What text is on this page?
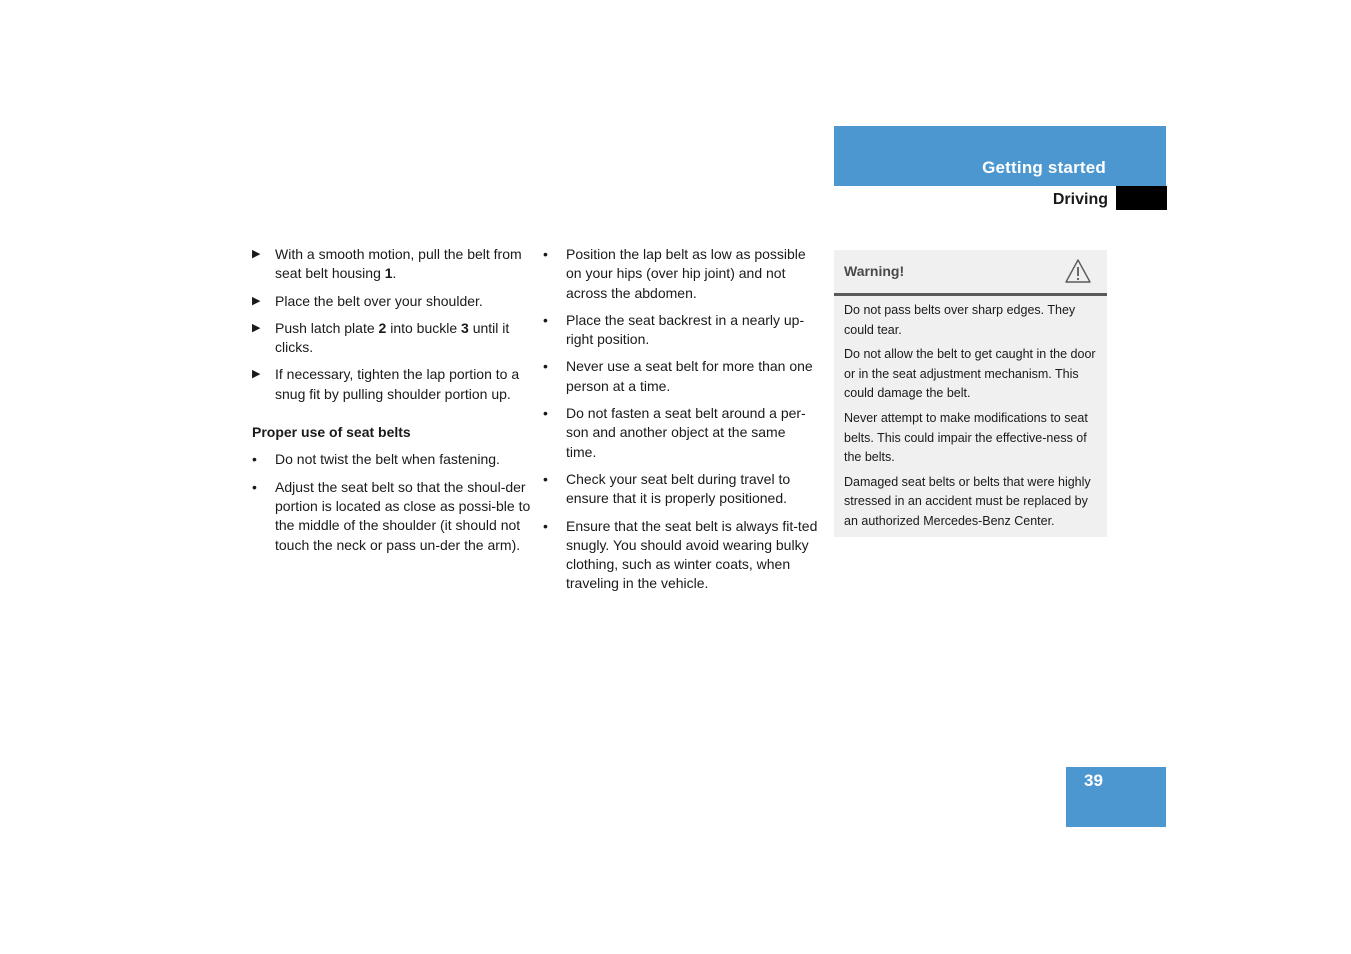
Getting started
Driving
▶	With a smooth motion, pull the belt from seat belt housing 1.
▶	Place the belt over your shoulder.
▶	Push latch plate 2 into buckle 3 until it clicks.
▶	If necessary, tighten the lap portion to a snug fit by pulling shoulder portion up.
Proper use of seat belts
•	Do not twist the belt when fastening.
•	Adjust the seat belt so that the shoul-der portion is located as close as possi-ble to the middle of the shoulder (it should not touch the neck or pass un-der the arm).
•	Position the lap belt as low as possible on your hips (over hip joint) and not across the abdomen.
•	Place the seat backrest in a nearly up-right position.
•	Never use a seat belt for more than one person at a time.
•	Do not fasten a seat belt around a per-son and another object at the same time.
•	Check your seat belt during travel to ensure that it is properly positioned.
•	Ensure that the seat belt is always fit-ted snugly. You should avoid wearing bulky clothing, such as winter coats, when traveling in the vehicle.
Warning!

Do not pass belts over sharp edges. They could tear.

Do not allow the belt to get caught in the door or in the seat adjustment mechanism. This could damage the belt.

Never attempt to make modifications to seat belts. This could impair the effective-ness of the belts.

Damaged seat belts or belts that were highly stressed in an accident must be replaced by an authorized Mercedes-Benz Center.

39
